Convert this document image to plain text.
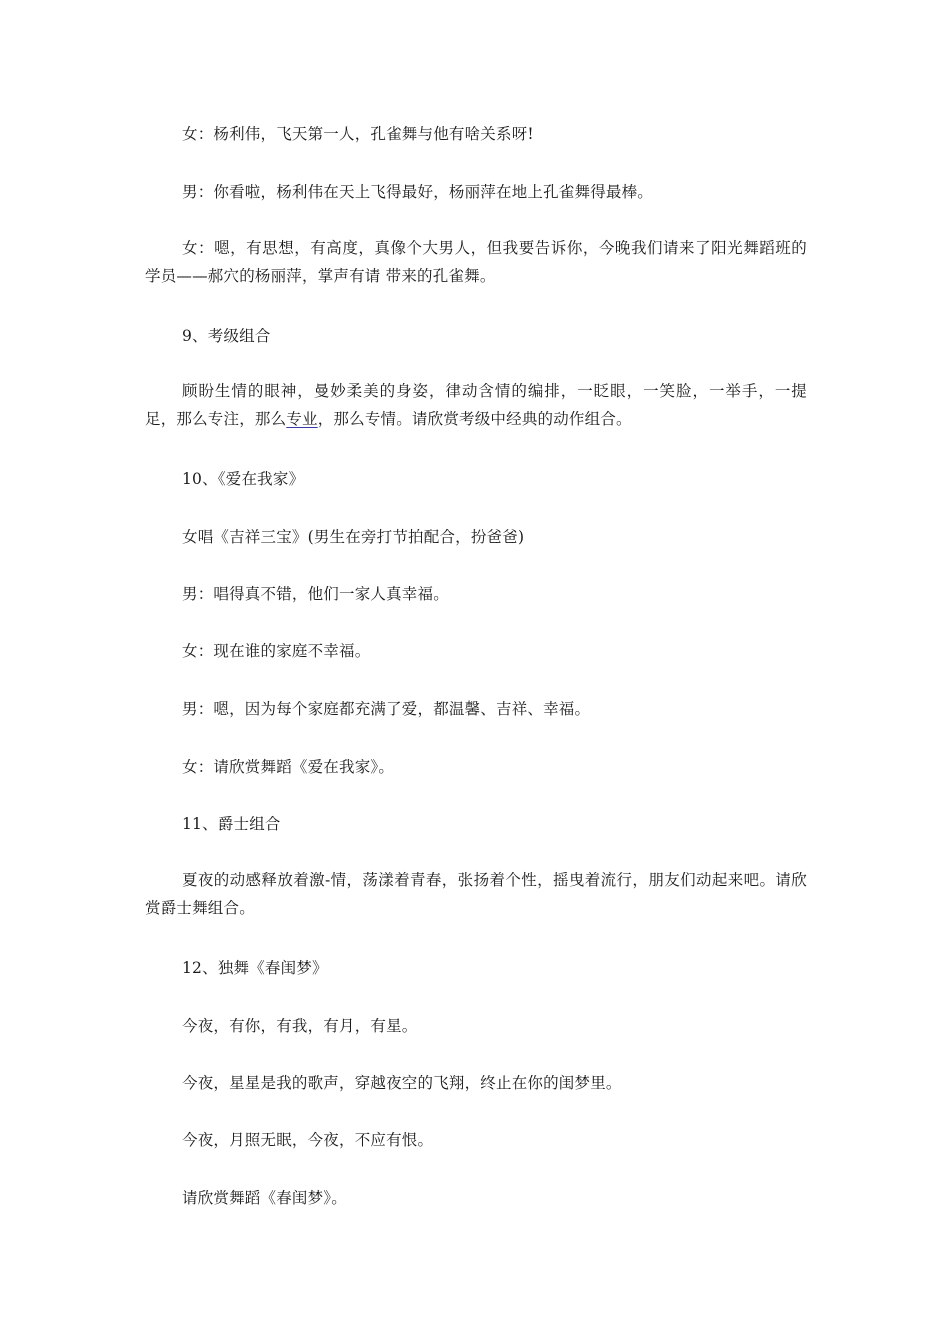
女：杨利伟，飞天第一人，孔雀舞与他有啥关系呀!
男：你看啦，杨利伟在天上飞得最好，杨丽萍在地上孔雀舞得最棒。
女：嗯，有思想，有高度，真像个大男人，但我要告诉你，今晚我们请来了阳光舞蹈班的学员——郝穴的杨丽萍，掌声有请 带来的孔雀舞。
9、考级组合
顾盼生情的眼神，曼妙柔美的身姿，律动含情的编排，一眨眼，一笑脸，一举手，一提足，那么专注，那么专业，那么专情。请欣赏考级中经典的动作组合。
10、《爱在我家》
女唱《吉祥三宝》(男生在旁打节拍配合，扮爸爸)
男：唱得真不错，他们一家人真幸福。
女：现在谁的家庭不幸福。
男：嗯，因为每个家庭都充满了爱，都温馨、吉祥、幸福。
女：请欣赏舞蹈《爱在我家》。
11、爵士组合
夏夜的动感释放着激-情，荡漾着青春，张扬着个性，摇曳着流行，朋友们动起来吧。请欣赏爵士舞组合。
12、独舞《春闺梦》
今夜，有你，有我，有月，有星。
今夜，星星是我的歌声，穿越夜空的飞翔，终止在你的闺梦里。
今夜，月照无眠，今夜，不应有恨。
请欣赏舞蹈《春闺梦》。
